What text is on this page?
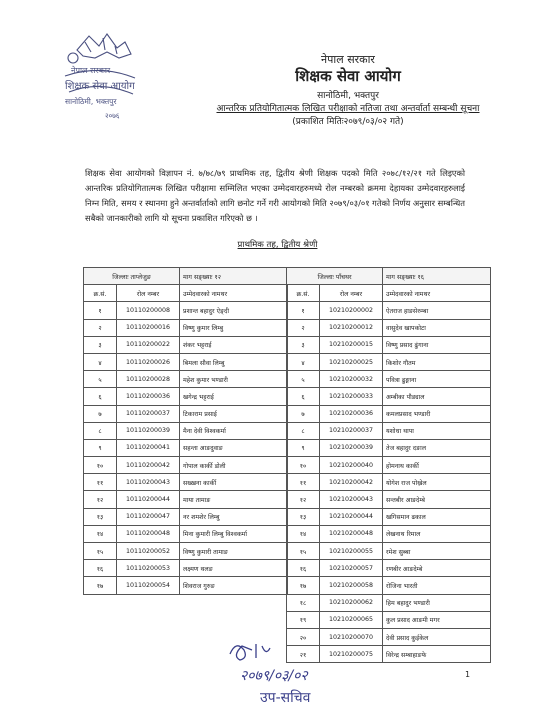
नेपाल सरकार
शिक्षक सेवा आयोग
सानोठिमी, भक्तपुर
२०७६
नेपाल सरकार
शिक्षक सेवा आयोग
सानोठिमी, भक्तपुर
आन्तरिक प्रतियोगितात्मक लिखित परीक्षाको नतिजा तथा अन्तर्वार्ता सम्बन्धी सूचना
(प्रकाशित मितिः२०७९/०३/०२ गते)
शिक्षक सेवा आयोगको विज्ञापन नं. ७/७८/७९ प्राथमिक तह, द्वितीय श्रेणी शिक्षक पदको मिति २०७८/१२/२१ गते लिइएको आन्तरिक प्रतियोगितात्मक लिखित परीक्षामा सम्मिलित भएका उम्मेदवारहरुमध्ये रोल नम्बरको क्रममा देहायका उम्मेदवारहरुलाई निम्न मिति, समय र स्थानमा हुने अन्तर्वार्ताको लागि छनोट गर्ने गरी आयोगको मिति २०७९/०३/०१ गतेको निर्णय अनुसार सम्बन्धित सबैको जानकारीको लागि यो सूचना प्रकाशित गरिएको छ ।
प्राथमिक तह, द्वितीय श्रेणी
जिल्लाः ताप्लेजुङ		माग सङ्ख्याः १२
क्र.सं.	रोल नम्बर	उम्मेदवारको नामथर
१	10110200008	प्रशान्त बहादुर ऐङ्दी
२	10110200016	विष्णु कुमार लिम्बु
३	10110200022	शंकर भट्टराई
४	10110200026	बिमला सौवा लिम्बु
५	10110200028	महेश कुमार भण्डारी
६	10110200036	खगेन्द्र भट्टराई
७	10110200037	टिकाराम प्रसाई
८	10110200039	मैना देवी विश्वकर्मा
९	10110200041	सहन्ता आङदुवाङ
१०	10110200042	गोपाल कार्की डोली
११	10110200043	सख्खना कार्की
१२	10110200044	माया तामाङ
१३	10110200047	नर शमशेर लिम्बु
१४	10110200048	मिना कुमारी लिम्बु विश्वकर्मा
१५	10110200052	विष्णु कुमारी तामाङ
१६	10110200053	लक्ष्मण थलङ
१७	10110200054	शिवराज गुरुङ
जिल्लाः पाँचथर		माग सङ्ख्याः १६
क्र.सं.	रोल नम्बर	उम्मेदवारको नामथर
१	10210200002	ऐतराज हाङसेरुम्बा
२	10210200012	वासुदेव खापकोटा
३	10210200015	विष्णु प्रसाद ढुंगाना
४	10210200025	किशोर गौतम
५	10210200032	पवित्रा ढुङ्गाना
६	10210200033	अम्बीका पौड्याल
७	10210200036	कमलप्रसाद भण्डारी
८	10210200037	यशोधा थापा
९	10210200039	तेज बहादुर दङाल
१०	10210200040	होमनाथ कार्की
११	10210200042	योगेश राज पोख्रेल
१२	10210200043	सन्तबीर आङदेम्बे
१३	10210200044	खगिसमान ढकाल
१४	10210200048	लेखनाथ रिमाल
१५	10210200055	रमेश सुब्बा
१६	10210200057	रणबीर आङदेम्बे
१७	10210200058	रोजिना भारती
१८	10210200062	हिम बहादुर भण्डारी
१९	10210200065	कुल प्रसाद आङमी मगर
२०	10210200070	देवी प्रसाद कुईकेल
२१	10210200075	विरेन्द्र सम्बाहाङफे
२०७९/०३/०२
उप-सचिव
1
